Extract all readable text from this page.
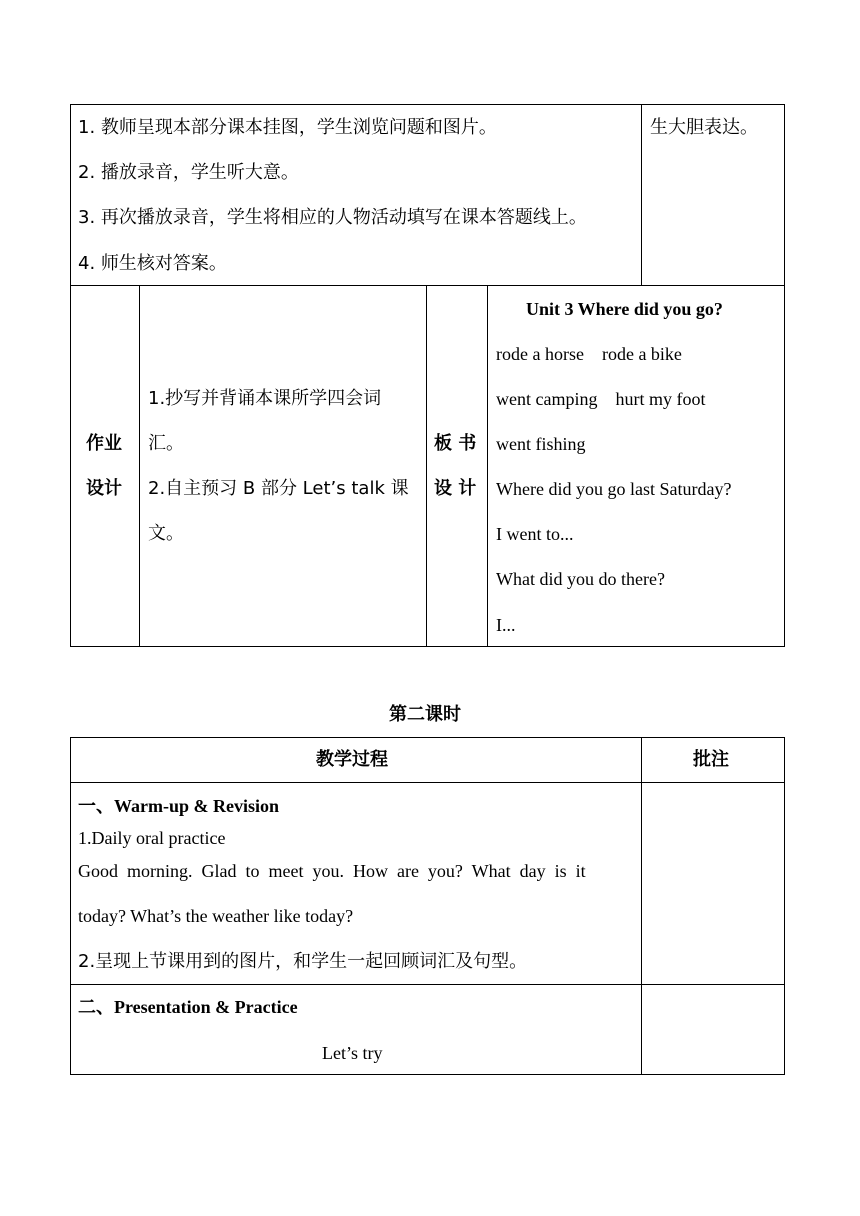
1. 教师呈现本部分课本挂图，学生浏览问题和图片。
2. 播放录音，学生听大意。
3. 再次播放录音，学生将相应的人物活动填写在课本答题线上。
4. 师生核对答案。
生大胆表达。
作业
设计
1.抄写并背诵本课所学四会词
汇。
2.自主预习 B 部分 Let’s talk 课
文。
板 书
设 计
Unit 3 Where did you go?
rode a horse    rode a bike
went camping    hurt my foot
went fishing
Where did you go last Saturday?
I went to...
What did you do there?
I...
第二课时
教学过程	批注
一、Warm-up & Revision
1.Daily oral practice
Good  morning.  Glad  to  meet  you.  How  are  you?  What  day  is  it
today? What’s the weather like today?
2.呈现上节课用到的图片，和学生一起回顾词汇及句型。
二、Presentation & Practice
Let’s try
